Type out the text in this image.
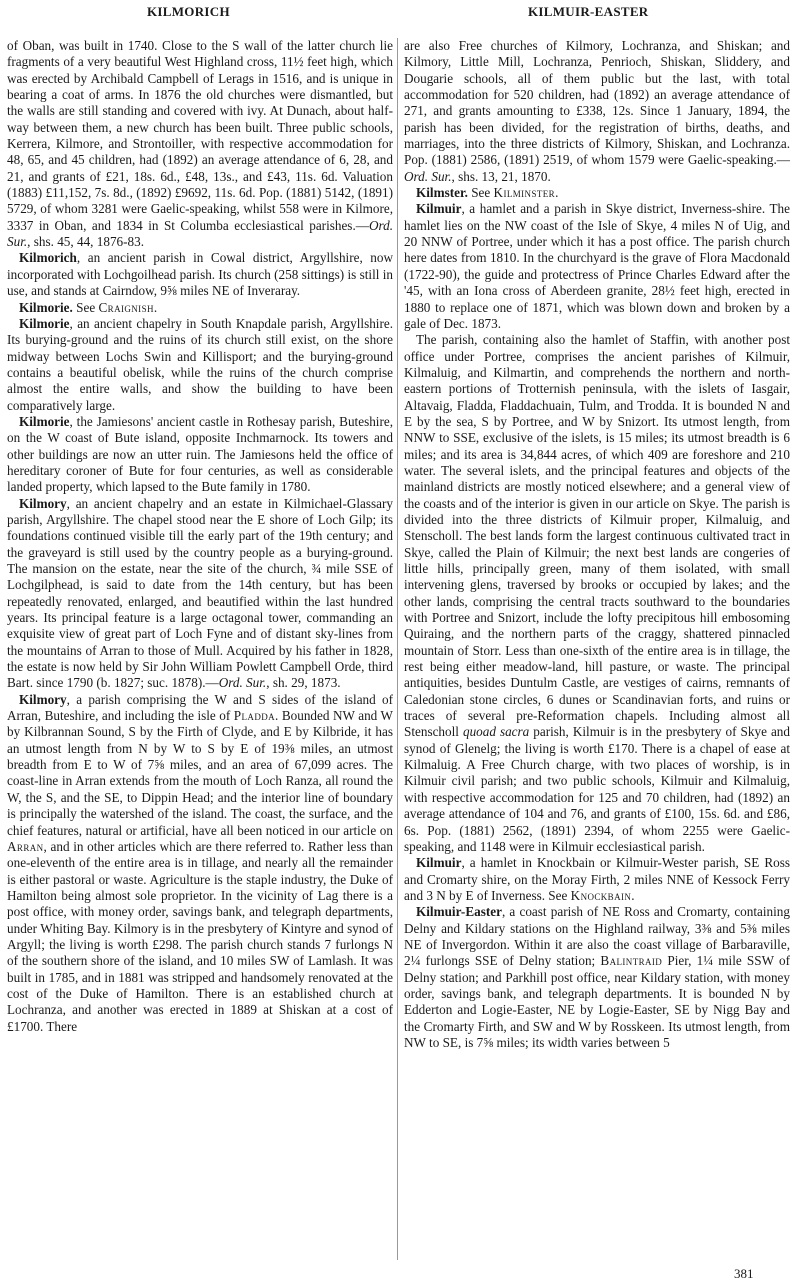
KILMORICH	KILMUIR-EASTER

of Oban, was built in 1740. Close to the S wall of the latter church lie fragments of a very beautiful West Highland cross, 11½ feet high, which was erected by Archibald Campbell of Lerags in 1516, and is unique in bearing a coat of arms. In 1876 the old churches were dismantled, but the walls are still standing and covered with ivy. At Dunach, about half-way between them, a new church has been built. Three public schools, Kerrera, Kilmore, and Strontoiller, with respective accommodation for 48, 65, and 45 children, had (1892) an average attendance of 6, 28, and 21, and grants of £21, 18s. 6d., £48, 13s., and £43, 11s. 6d. Valuation (1883) £11,152, 7s. 8d., (1892) £9692, 11s. 6d. Pop. (1881) 5142, (1891) 5729, of whom 3281 were Gaelic-speaking, whilst 558 were in Kilmore, 3337 in Oban, and 1834 in St Columba ecclesiastical parishes.—Ord. Sur., shs. 45, 44, 1876-83.

Kilmorich, an ancient parish in Cowal district, Argyllshire, now incorporated with Lochgoilhead parish. Its church (258 sittings) is still in use, and stands at Cairndow, 9⅝ miles NE of Inveraray.

Kilmorie. See Craignish.

Kilmorie, an ancient chapelry in South Knapdale parish, Argyllshire. Its burying-ground and the ruins of its church still exist, on the shore midway between Lochs Swin and Killisport; and the burying-ground contains a beautiful obelisk, while the ruins of the church comprise almost the entire walls, and show the building to have been comparatively large.

Kilmorie, the Jamiesons' ancient castle in Rothesay parish, Buteshire, on the W coast of Bute island, opposite Inchmarnock. Its towers and other buildings are now an utter ruin. The Jamiesons held the office of hereditary coroner of Bute for four centuries, as well as considerable landed property, which lapsed to the Bute family in 1780.

Kilmory, an ancient chapelry and an estate in Kilmichael-Glassary parish, Argyllshire. The chapel stood near the E shore of Loch Gilp; its foundations continued visible till the early part of the 19th century; and the graveyard is still used by the country people as a burying-ground. The mansion on the estate, near the site of the church, ¾ mile SSE of Lochgilphead, is said to date from the 14th century, but has been repeatedly renovated, enlarged, and beautified within the last hundred years. Its principal feature is a large octagonal tower, commanding an exquisite view of great part of Loch Fyne and of distant sky-lines from the mountains of Arran to those of Mull. Acquired by his father in 1828, the estate is now held by Sir John William Powlett Campbell Orde, third Bart. since 1790 (b. 1827; suc. 1878).—Ord. Sur., sh. 29, 1873.

Kilmory, a parish comprising the W and S sides of the island of Arran, Buteshire, and including the isle of Pladda. Bounded NW and W by Kilbrannan Sound, S by the Firth of Clyde, and E by Kilbride, it has an utmost length from N by W to S by E of 19⅜ miles, an utmost breadth from E to W of 7⅝ miles, and an area of 67,099 acres. The coast-line in Arran extends from the mouth of Loch Ranza, all round the W, the S, and the SE, to Dippin Head; and the interior line of boundary is principally the watershed of the island. The coast, the surface, and the chief features, natural or artificial, have all been noticed in our article on Arran, and in other articles which are there referred to. Rather less than one-eleventh of the entire area is in tillage, and nearly all the remainder is either pastoral or waste. Agriculture is the staple industry, the Duke of Hamilton being almost sole proprietor. In the vicinity of Lag there is a post office, with money order, savings bank, and telegraph departments, under Whiting Bay. Kilmory is in the presbytery of Kintyre and synod of Argyll; the living is worth £298. The parish church stands 7 furlongs N of the southern shore of the island, and 10 miles SW of Lamlash. It was built in 1785, and in 1881 was stripped and handsomely renovated at the cost of the Duke of Hamilton. There is an established church at Lochranza, and another was erected in 1889 at Shiskan at a cost of £1700. There

are also Free churches of Kilmory, Lochranza, and Shiskan; and Kilmory, Little Mill, Lochranza, Penrioch, Shiskan, Sliddery, and Dougarie schools, all of them public but the last, with total accommodation for 520 children, had (1892) an average attendance of 271, and grants amounting to £338, 12s. Since 1 January, 1894, the parish has been divided, for the registration of births, deaths, and marriages, into the three districts of Kilmory, Shiskan, and Lochranza. Pop. (1881) 2586, (1891) 2519, of whom 1579 were Gaelic-speaking.—Ord. Sur., shs. 13, 21, 1870.

Kilmster. See Kilminster.

Kilmuir, a hamlet and a parish in Skye district, Inverness-shire. The hamlet lies on the NW coast of the Isle of Skye, 4 miles N of Uig, and 20 NNW of Portree, under which it has a post office. The parish church here dates from 1810. In the churchyard is the grave of Flora Macdonald (1722-90), the guide and protectress of Prince Charles Edward after the '45, with an Iona cross of Aberdeen granite, 28½ feet high, erected in 1880 to replace one of 1871, which was blown down and broken by a gale of Dec. 1873.

The parish, containing also the hamlet of Staffin, with another post office under Portree, comprises the ancient parishes of Kilmuir, Kilmaluig, and Kilmartin, and comprehends the northern and north-eastern portions of Trotternish peninsula, with the islets of Iasgair, Altavaig, Fladda, Fladdachuain, Tulm, and Trodda. It is bounded N and E by the sea, S by Portree, and W by Snizort. Its utmost length, from NNW to SSE, exclusive of the islets, is 15 miles; its utmost breadth is 6 miles; and its area is 34,844 acres, of which 409 are foreshore and 210 water. The several islets, and the principal features and objects of the mainland districts are mostly noticed elsewhere; and a general view of the coasts and of the interior is given in our article on Skye. The parish is divided into the three districts of Kilmuir proper, Kilmaluig, and Stenscholl. The best lands form the largest continuous cultivated tract in Skye, called the Plain of Kilmuir; the next best lands are congeries of little hills, principally green, many of them isolated, with small intervening glens, traversed by brooks or occupied by lakes; and the other lands, comprising the central tracts southward to the boundaries with Portree and Snizort, include the lofty precipitous hill embosoming Quiraing, and the northern parts of the craggy, shattered pinnacled mountain of Storr. Less than one-sixth of the entire area is in tillage, the rest being either meadow-land, hill pasture, or waste. The principal antiquities, besides Duntulm Castle, are vestiges of cairns, remnants of Caledonian stone circles, 6 dunes or Scandinavian forts, and ruins or traces of several pre-Reformation chapels. Including almost all Stenscholl quoad sacra parish, Kilmuir is in the presbytery of Skye and synod of Glenelg; the living is worth £170. There is a chapel of ease at Kilmaluig. A Free Church charge, with two places of worship, is in Kilmuir civil parish; and two public schools, Kilmuir and Kilmaluig, with respective accommodation for 125 and 70 children, had (1892) an average attendance of 104 and 76, and grants of £100, 15s. 6d. and £86, 6s. Pop. (1881) 2562, (1891) 2394, of whom 2255 were Gaelic-speaking, and 1148 were in Kilmuir ecclesiastical parish.

Kilmuir, a hamlet in Knockbain or Kilmuir-Wester parish, SE Ross and Cromarty shire, on the Moray Firth, 2 miles NNE of Kessock Ferry and 3 N by E of Inverness. See Knockbain.

Kilmuir-Easter, a coast parish of NE Ross and Cromarty, containing Delny and Kildary stations on the Highland railway, 3⅜ and 5⅜ miles NE of Invergordon. Within it are also the coast village of Barbaraville, 2¼ furlongs SSE of Delny station; Balintraid Pier, 1¼ mile SSW of Delny station; and Parkhill post office, near Kildary station, with money order, savings bank, and telegraph departments. It is bounded N by Edderton and Logie-Easter, NE by Logie-Easter, SE by Nigg Bay and the Cromarty Firth, and SW and W by Rosskeen. Its utmost length, from NW to SE, is 7⅝ miles; its width varies between 5

381
